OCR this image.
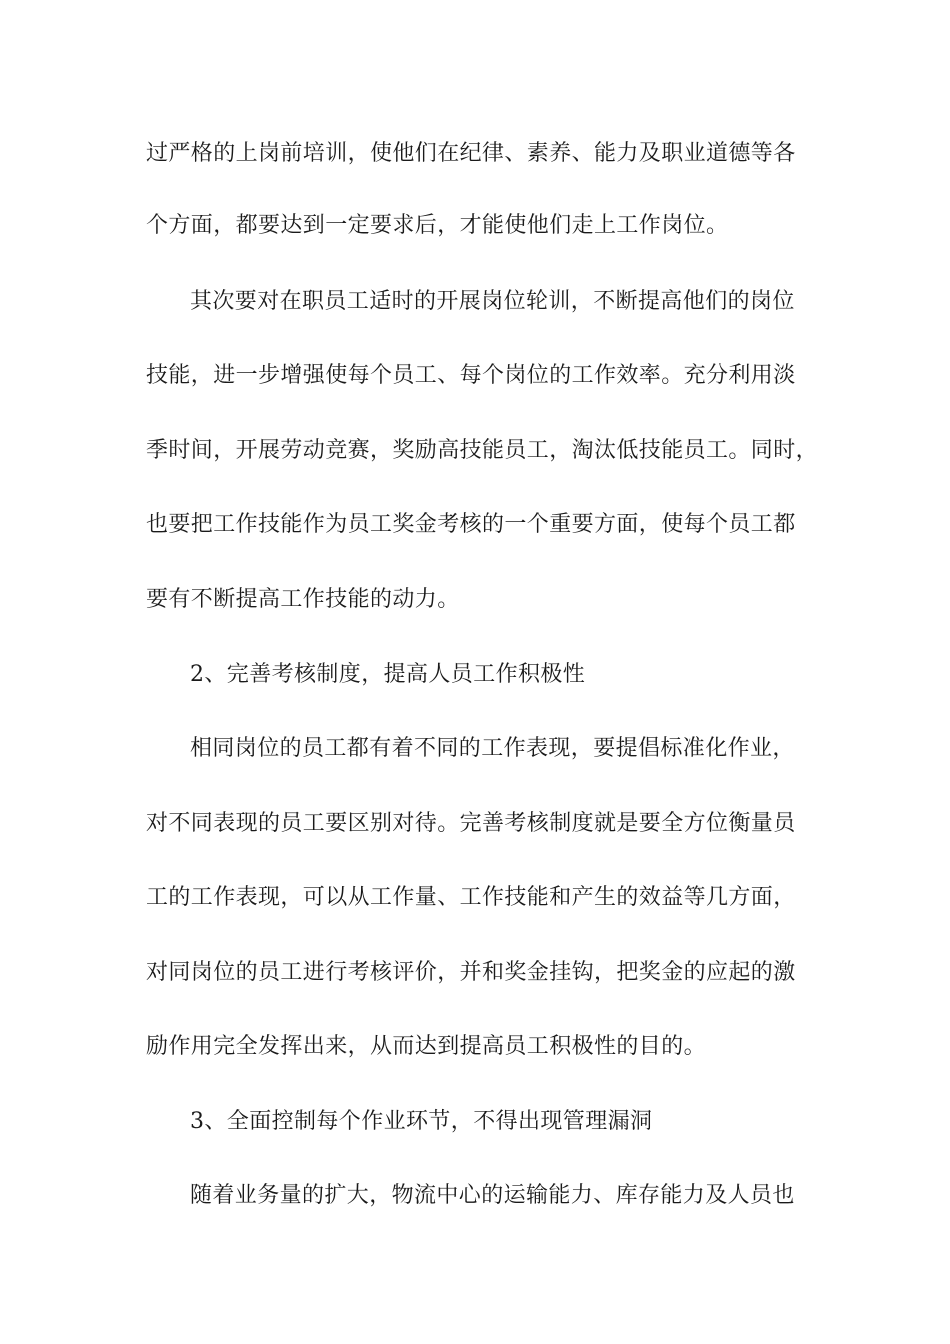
过严格的上岗前培训，使他们在纪律、素养、能力及职业道德等各
个方面，都要达到一定要求后，才能使他们走上工作岗位。
其次要对在职员工适时的开展岗位轮训，不断提高他们的岗位
技能，进一步增强使每个员工、每个岗位的工作效率。充分利用淡
季时间，开展劳动竞赛，奖励高技能员工，淘汰低技能员工。同时，
也要把工作技能作为员工奖金考核的一个重要方面，使每个员工都
要有不断提高工作技能的动力。
2、完善考核制度，提高人员工作积极性
相同岗位的员工都有着不同的工作表现，要提倡标准化作业，
对不同表现的员工要区别对待。完善考核制度就是要全方位衡量员
工的工作表现，可以从工作量、工作技能和产生的效益等几方面，
对同岗位的员工进行考核评价，并和奖金挂钩，把奖金的应起的激
励作用完全发挥出来，从而达到提高员工积极性的目的。
3、全面控制每个作业环节，不得出现管理漏洞
随着业务量的扩大，物流中心的运输能力、库存能力及人员也
